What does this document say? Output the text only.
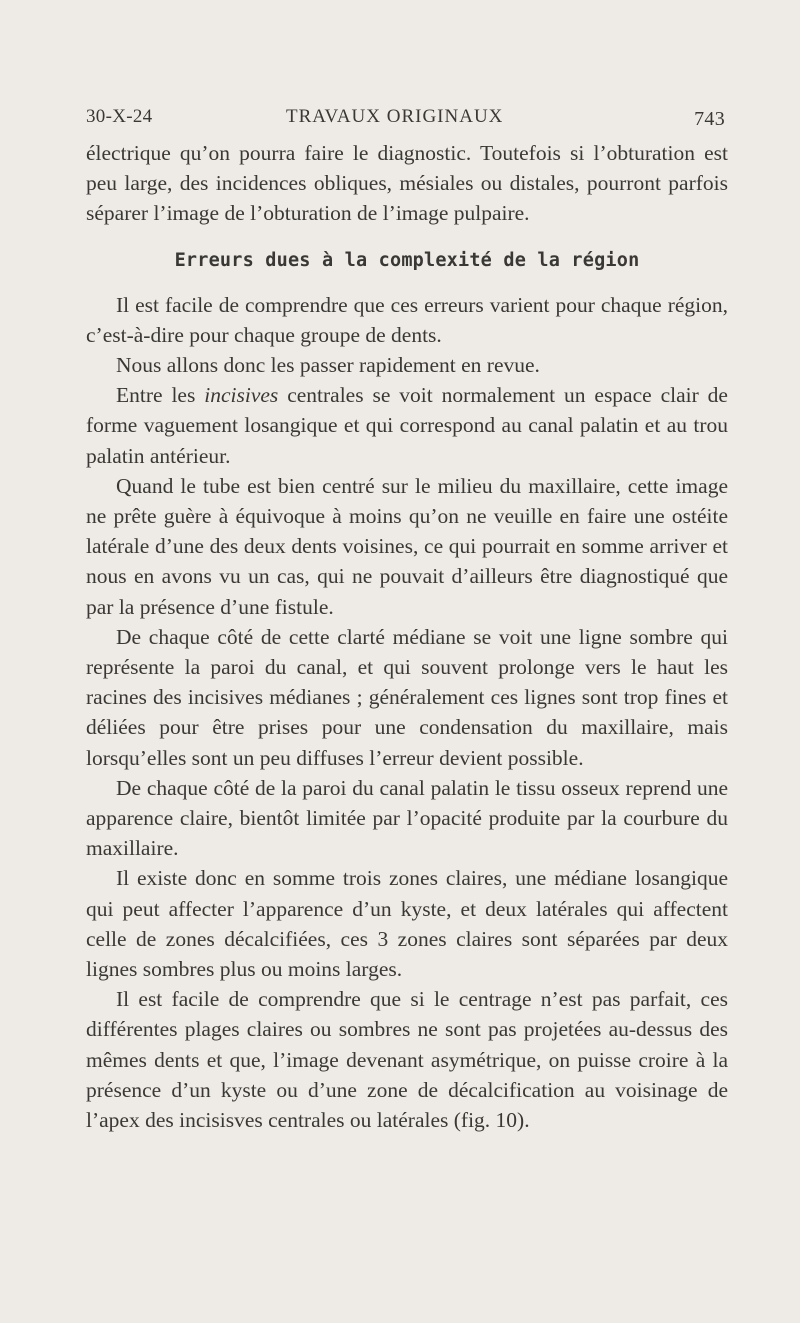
30-X-24	TRAVAUX ORIGINAUX	743

électrique qu’on pourra faire le diagnostic. Toutefois si l’obturation est peu large, des incidences obliques, mésiales ou distales, pourront parfois séparer l’image de l’obturation de l’image pulpaire.

Erreurs dues à la complexité de la région

Il est facile de comprendre que ces erreurs varient pour chaque région, c’est-à-dire pour chaque groupe de dents.

Nous allons donc les passer rapidement en revue.

Entre les incisives centrales se voit normalement un espace clair de forme vaguement losangique et qui correspond au canal palatin et au trou palatin antérieur.

Quand le tube est bien centré sur le milieu du maxillaire, cette image ne prête guère à équivoque à moins qu’on ne veuille en faire une ostéite latérale d’une des deux dents voisines, ce qui pourrait en somme arriver et nous en avons vu un cas, qui ne pouvait d’ailleurs être diagnostiqué que par la présence d’une fistule.

De chaque côté de cette clarté médiane se voit une ligne sombre qui représente la paroi du canal, et qui souvent prolonge vers le haut les racines des incisives médianes ; généralement ces lignes sont trop fines et déliées pour être prises pour une condensation du maxillaire, mais lorsqu’elles sont un peu diffuses l’erreur devient possible.

De chaque côté de la paroi du canal palatin le tissu osseux reprend une apparence claire, bientôt limitée par l’opacité produite par la courbure du maxillaire.

Il existe donc en somme trois zones claires, une médiane losangique qui peut affecter l’apparence d’un kyste, et deux latérales qui affectent celle de zones décalcifiées, ces 3 zones claires sont séparées par deux lignes sombres plus ou moins larges.

Il est facile de comprendre que si le centrage n’est pas parfait, ces différentes plages claires ou sombres ne sont pas projetées au-dessus des mêmes dents et que, l’image devenant asymétrique, on puisse croire à la présence d’un kyste ou d’une zone de décalcification au voisinage de l’apex des incisisves centrales ou latérales (fig. 10).
